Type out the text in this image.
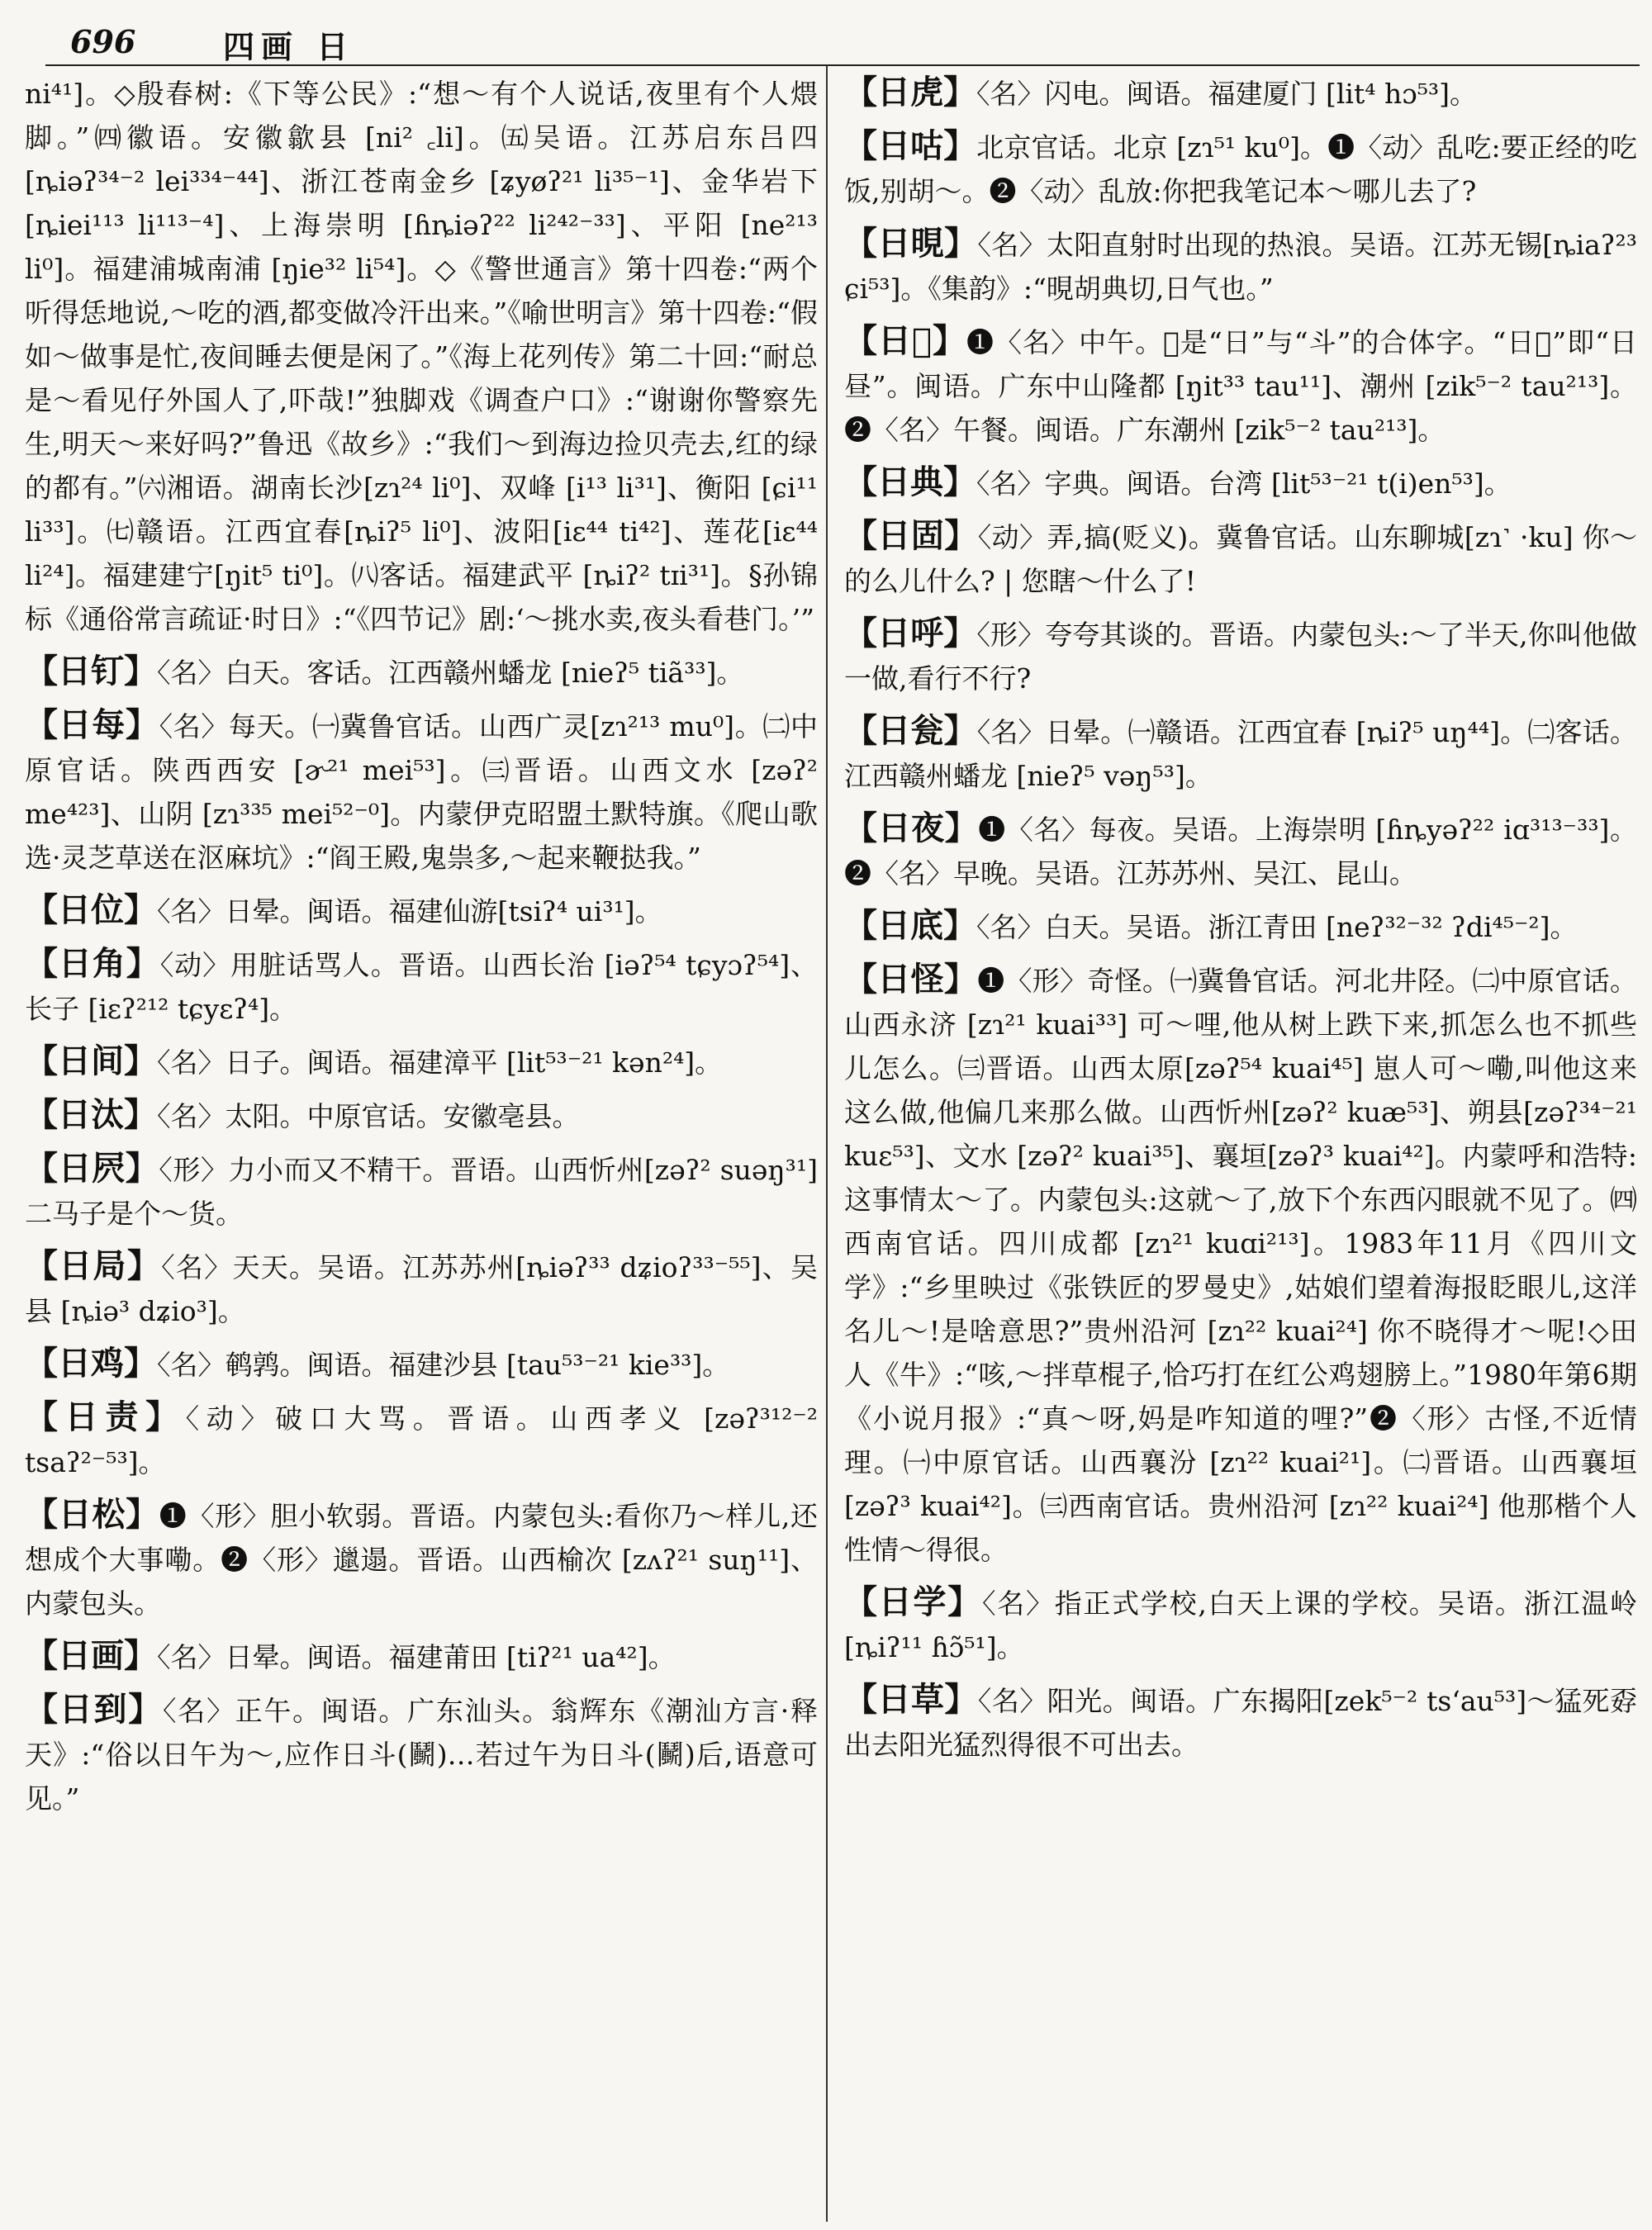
696	四画 日

ni⁴¹]。◇殷春树:《下等公民》:“想～有个人说话,夜里有个人煨脚。”㈣徽语。安徽歙县 [ni² ꜀li]。㈤吴语。江苏启东吕四 [ȵiəʔ³⁴⁻² lei³³⁴⁻⁴⁴]、浙江苍南金乡 [ʑyøʔ²¹ li³⁵⁻¹]、金华岩下[ȵiei¹¹³ li¹¹³⁻⁴]、上海崇明 [ɦȵiəʔ²² li²⁴²⁻³³]、平阳 [ne²¹³ li⁰]。福建浦城南浦 [ŋie³² li⁵⁴]。◇《警世通言》第十四卷:“两个听得恁地说,～吃的酒,都变做冷汗出来。”《喻世明言》第十四卷:“假如～做事是忙,夜间睡去便是闲了。”《海上花列传》第二十回:“耐总是～看见仔外国人了,吓哉!”独脚戏《调查户口》:“谢谢你警察先生,明天～来好吗?”鲁迅《故乡》:“我们～到海边捡贝壳去,红的绿的都有。”㈥湘语。湖南长沙[zɿ²⁴ li⁰]、双峰 [i¹³ li³¹]、衡阳 [ɕi¹¹ li³³]。㈦赣语。江西宜春[ȵiʔ⁵ li⁰]、波阳[iɛ⁴⁴ ti⁴²]、莲花[iɛ⁴⁴ li²⁴]。福建建宁[ŋit⁵ ti⁰]。㈧客话。福建武平 [ȵiʔ² tɪi³¹]。§孙锦标《通俗常言疏证·时日》:“《四节记》剧:‘～挑水卖,夜头看巷门。’”

【日钉】〈名〉白天。客话。江西赣州蟠龙 [nieʔ⁵ tiã³³]。

【日每】〈名〉每天。㈠冀鲁官话。山西广灵[zɿ²¹³ mu⁰]。㈡中原官话。陕西西安 [ɚ²¹ mei⁵³]。㈢晋语。山西文水 [zəʔ² me⁴²³]、山阴 [zɿ³³⁵ mei⁵²⁻⁰]。内蒙伊克昭盟土默特旗。《爬山歌选·灵芝草送在沤麻坑》:“阎王殿,鬼祟多,～起来鞭挞我。”

【日位】〈名〉日晕。闽语。福建仙游[tsiʔ⁴ ui³¹]。

【日角】〈动〉用脏话骂人。晋语。山西长治 [iəʔ⁵⁴ tɕyɔʔ⁵⁴]、长子 [iɛʔ²¹² tɕyɛʔ⁴]。

【日间】〈名〉日子。闽语。福建漳平 [lit⁵³⁻²¹ kən²⁴]。

【日汰】〈名〉太阳。中原官话。安徽亳县。

【日屄】〈形〉力小而又不精干。晋语。山西忻州[zəʔ² suəŋ³¹] 二马子是个～货。

【日局】〈名〉天天。吴语。江苏苏州[ȵiəʔ³³ dʑioʔ³³⁻⁵⁵]、吴县 [ȵiə³ dʑio³]。

【日鸡】〈名〉鹌鹑。闽语。福建沙县 [tau⁵³⁻²¹ kie³³]。

【日责】〈动〉破口大骂。晋语。山西孝义 [zəʔ³¹²⁻² tsaʔ²⁻⁵³]。

【日松】❶〈形〉胆小软弱。晋语。内蒙包头:看你乃～样儿,还想成个大事嘞。❷〈形〉邋遢。晋语。山西榆次 [zʌʔ²¹ suŋ¹¹]、内蒙包头。

【日画】〈名〉日晕。闽语。福建莆田 [tiʔ²¹ ua⁴²]。

【日到】〈名〉正午。闽语。广东汕头。翁辉东《潮汕方言·释天》:“俗以日午为～,应作日斗(鬭)…若过午为日斗(鬭)后,语意可见。”

【日虎】〈名〉闪电。闽语。福建厦门 [lit⁴ hɔ⁵³]。

【日咕】北京官话。北京 [zɿ⁵¹ ku⁰]。❶〈动〉乱吃:要正经的吃饭,别胡～。❷〈动〉乱放:你把我笔记本～哪儿去了?

【日晛】〈名〉太阳直射时出现的热浪。吴语。江苏无锡[ȵiaʔ²³ ɕi⁵³]。《集韵》:“晛胡典切,日气也。”

【日𣆎】❶〈名〉中午。𣆎是“日”与“斗”的合体字。“日𣆎”即“日昼”。闽语。广东中山隆都 [ŋit³³ tau¹¹]、潮州 [zik⁵⁻² tau²¹³]。❷〈名〉午餐。闽语。广东潮州 [zik⁵⁻² tau²¹³]。

【日典】〈名〉字典。闽语。台湾 [lit⁵³⁻²¹ t(i)en⁵³]。

【日固】〈动〉弄,搞(贬义)。冀鲁官话。山东聊城[zɿ˺ ·ku] 你～的么儿什么? | 您瞎～什么了!

【日呼】〈形〉夸夸其谈的。晋语。内蒙包头:～了半天,你叫他做一做,看行不行?

【日瓮】〈名〉日晕。㈠赣语。江西宜春 [ȵiʔ⁵ uŋ⁴⁴]。㈡客话。江西赣州蟠龙 [nieʔ⁵ vəŋ⁵³]。

【日夜】❶〈名〉每夜。吴语。上海崇明 [ɦȵyəʔ²² iɑ³¹³⁻³³]。❷〈名〉早晚。吴语。江苏苏州、吴江、昆山。

【日底】〈名〉白天。吴语。浙江青田 [neʔ³²⁻³² ʔdi⁴⁵⁻²]。

【日怪】❶〈形〉奇怪。㈠冀鲁官话。河北井陉。㈡中原官话。山西永济 [zɿ²¹ kuai³³] 可～哩,他从树上跌下来,抓怎么也不抓些儿怎么。㈢晋语。山西太原[zəʔ⁵⁴ kuai⁴⁵] 崽人可～嘞,叫他这来这么做,他偏几来那么做。山西忻州[zəʔ² kuæ⁵³]、朔县[zəʔ³⁴⁻²¹ kuɛ⁵³]、文水 [zəʔ² kuai³⁵]、襄垣[zəʔ³ kuai⁴²]。内蒙呼和浩特:这事情太～了。内蒙包头:这就～了,放下个东西闪眼就不见了。㈣西南官话。四川成都 [zɿ²¹ kuɑi²¹³]。1983年11月《四川文学》:“乡里映过《张铁匠的罗曼史》,姑娘们望着海报眨眼儿,这洋名儿～!是啥意思?”贵州沿河 [zɿ²² kuai²⁴] 你不晓得才～呢!◇田人《牛》:“咳,～拌草棍子,恰巧打在红公鸡翅膀上。”1980年第6期《小说月报》:“真～呀,妈是咋知道的哩?”❷〈形〉古怪,不近情理。㈠中原官话。山西襄汾 [zɿ²² kuai²¹]。㈡晋语。山西襄垣[zəʔ³ kuai⁴²]。㈢西南官话。贵州沿河 [zɿ²² kuai²⁴] 他那楷个人性情～得很。

【日学】〈名〉指正式学校,白天上课的学校。吴语。浙江温岭 [ȵiʔ¹¹ ɦɔ̃⁵¹]。

【日草】〈名〉阳光。闽语。广东揭阳[zek⁵⁻² tsʻau⁵³]～猛死孬出去阳光猛烈得很不可出去。
